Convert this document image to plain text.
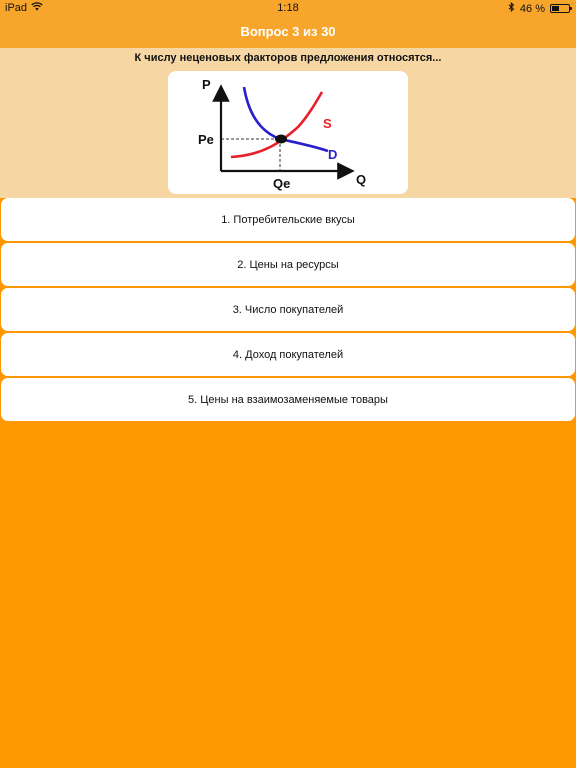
iPad	1:18	46 %
Вопрос 3 из 30
К числу неценовых факторов предложения относятся...
P
Q
Pe
Qe
S
D
1. Потребительские вкусы
2. Цены на ресурсы
3. Число покупателей
4. Доход покупателей
5. Цены на взаимозаменяемые товары
